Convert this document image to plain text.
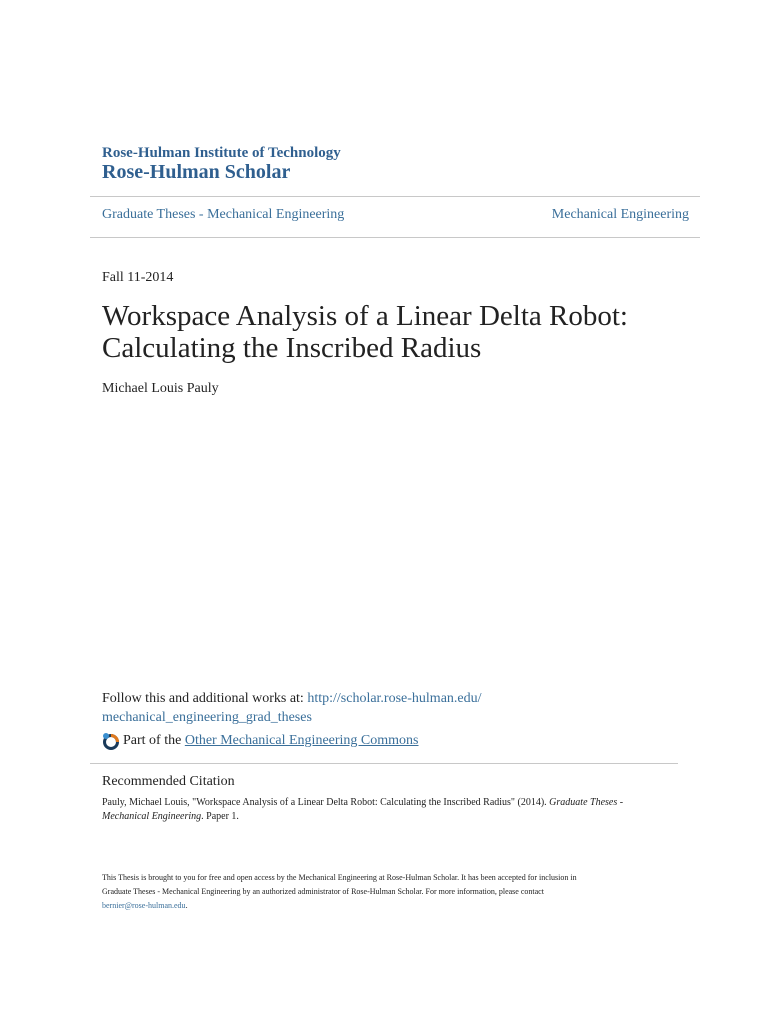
Rose-Hulman Institute of Technology
Rose-Hulman Scholar
Graduate Theses - Mechanical Engineering	Mechanical Engineering
Fall 11-2014
Workspace Analysis of a Linear Delta Robot:
Calculating the Inscribed Radius
Michael Louis Pauly
Follow this and additional works at: http://scholar.rose-hulman.edu/
mechanical_engineering_grad_theses
Part of the
Other Mechanical Engineering Commons
Recommended Citation
Pauly, Michael Louis, "Workspace Analysis of a Linear Delta Robot: Calculating the Inscribed Radius" (2014). Graduate Theses -
Mechanical Engineering. Paper 1.
This Thesis is brought to you for free and open access by the Mechanical Engineering at Rose-Hulman Scholar. It has been accepted for inclusion in
Graduate Theses - Mechanical Engineering by an authorized administrator of Rose-Hulman Scholar. For more information, please contact
bernier@rose-hulman.edu.
